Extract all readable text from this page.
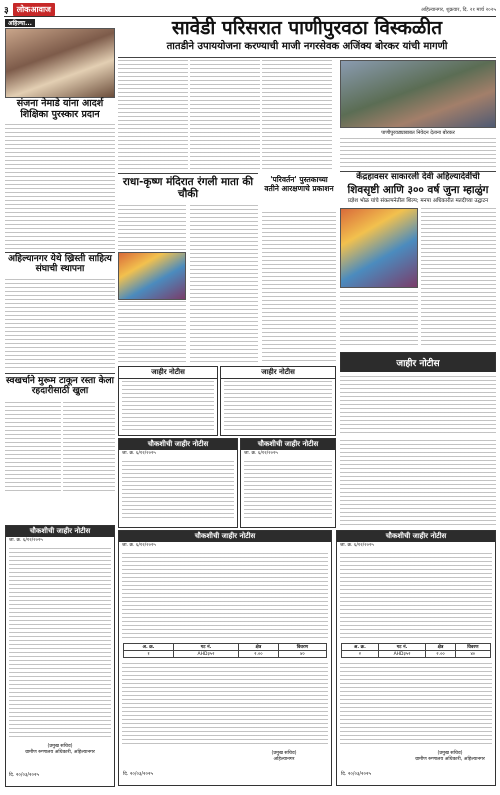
३	लोकआवाज	अहिल्यानगर, शुक्रवार, दि. २१ मार्च २०२५
अहिल्या...	सावेडी परिसरात पाणीपुरवठा विस्कळीत
तातडीने उपाययोजना करण्याची माजी नगरसेवक अजिंक्य बोरकर यांची मागणी
संजना नेमाडे यांना आदर्श शिक्षिका पुरस्कार प्रदान
अहिल्यानगर येथे ख्रिस्ती साहित्य संघाची स्थापना
स्वखर्चाने मुरूम टाकून रस्ता केला रहदारीसाठी खुला
राधा-कृष्ण मंदिरात रंगली माता की चौकी
'परिवर्तन' पुस्तकाच्या वतीने आरक्षणाचे प्रकाशन
पाणीपुरवठ्याबाबत निवेदन देताना बोरकर
केंद्रहावसर साकारली देवी अहिल्यादेवींची
शिवसृष्टी आणि ३०० वर्ष जुना म्हाळुंग
प्रज्ञेश भोळ यांचे संकल्पनेतील शिल्प; मनपा अधिकारीत मतदीच्या उद्घाटन
जाहीर नोटीस	जाहीर नोटीस
जाहीर नोटीस
चौकशीची जाहीर नोटीस
जा. क्र. ६/१२/२०२५
चौकशीची जाहीर नोटीस
जा. क्र. ६/१२/२०२५
चौकशीची जाहीर नोटीस
जा. क्र. ६/१२/२०२५
(प्रमुख सचिव)
ग्रामीण रुग्णालय अधिकारी, अहिल्यानगर
दि. २०/०३/२०२५
चौकशीची जाहीर नोटीस
जा. क्र. ६/१२/२०२५
अ. क्र.	गट नं.	क्षेत्र	विवरण
१	AHD३५२	२.००	४०
(प्रमुख सचिव)
अहिल्यानगर
दि. २०/०३/२०२५
चौकशीची जाहीर नोटीस
जा. क्र. ६/१२/२०२५
अ. क्र.	गट नं.	क्षेत्र	विवरण
२	AHD३५२	२.००	४०
(प्रमुख सचिव)
ग्रामीण रुग्णालय अधिकारी, अहिल्यानगर
दि. २०/०३/२०२५
